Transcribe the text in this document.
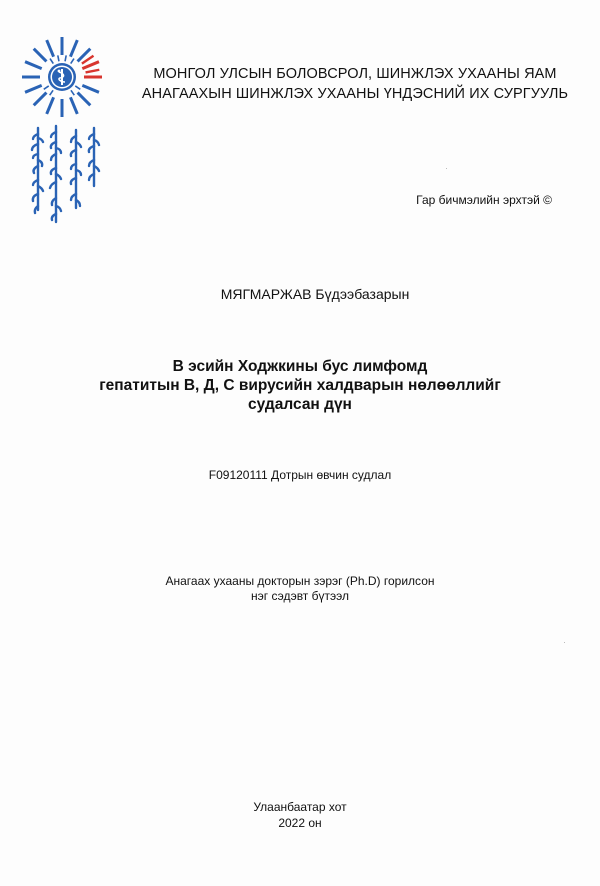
МОНГОЛ УЛСЫН БОЛОВСРОЛ, ШИНЖЛЭХ УХААНЫ ЯАМ
АНАГААХЫН ШИНЖЛЭХ УХААНЫ ҮНДЭСНИЙ ИХ СУРГУУЛЬ
Гар бичмэлийн эрхтэй ©
МЯГМАРЖАВ Бүдээбазарын
В эсийн Ходжкины бус лимфомд
гепатитын В, Д, С вирусийн халдварын нөлөөллийг
судалсан дүн
F09120111 Дотрын өвчин судлал
Анагаах ухааны докторын зэрэг (Ph.D) горилсон
нэг сэдэвт бүтээл
Улаанбаатар хот
2022 он
